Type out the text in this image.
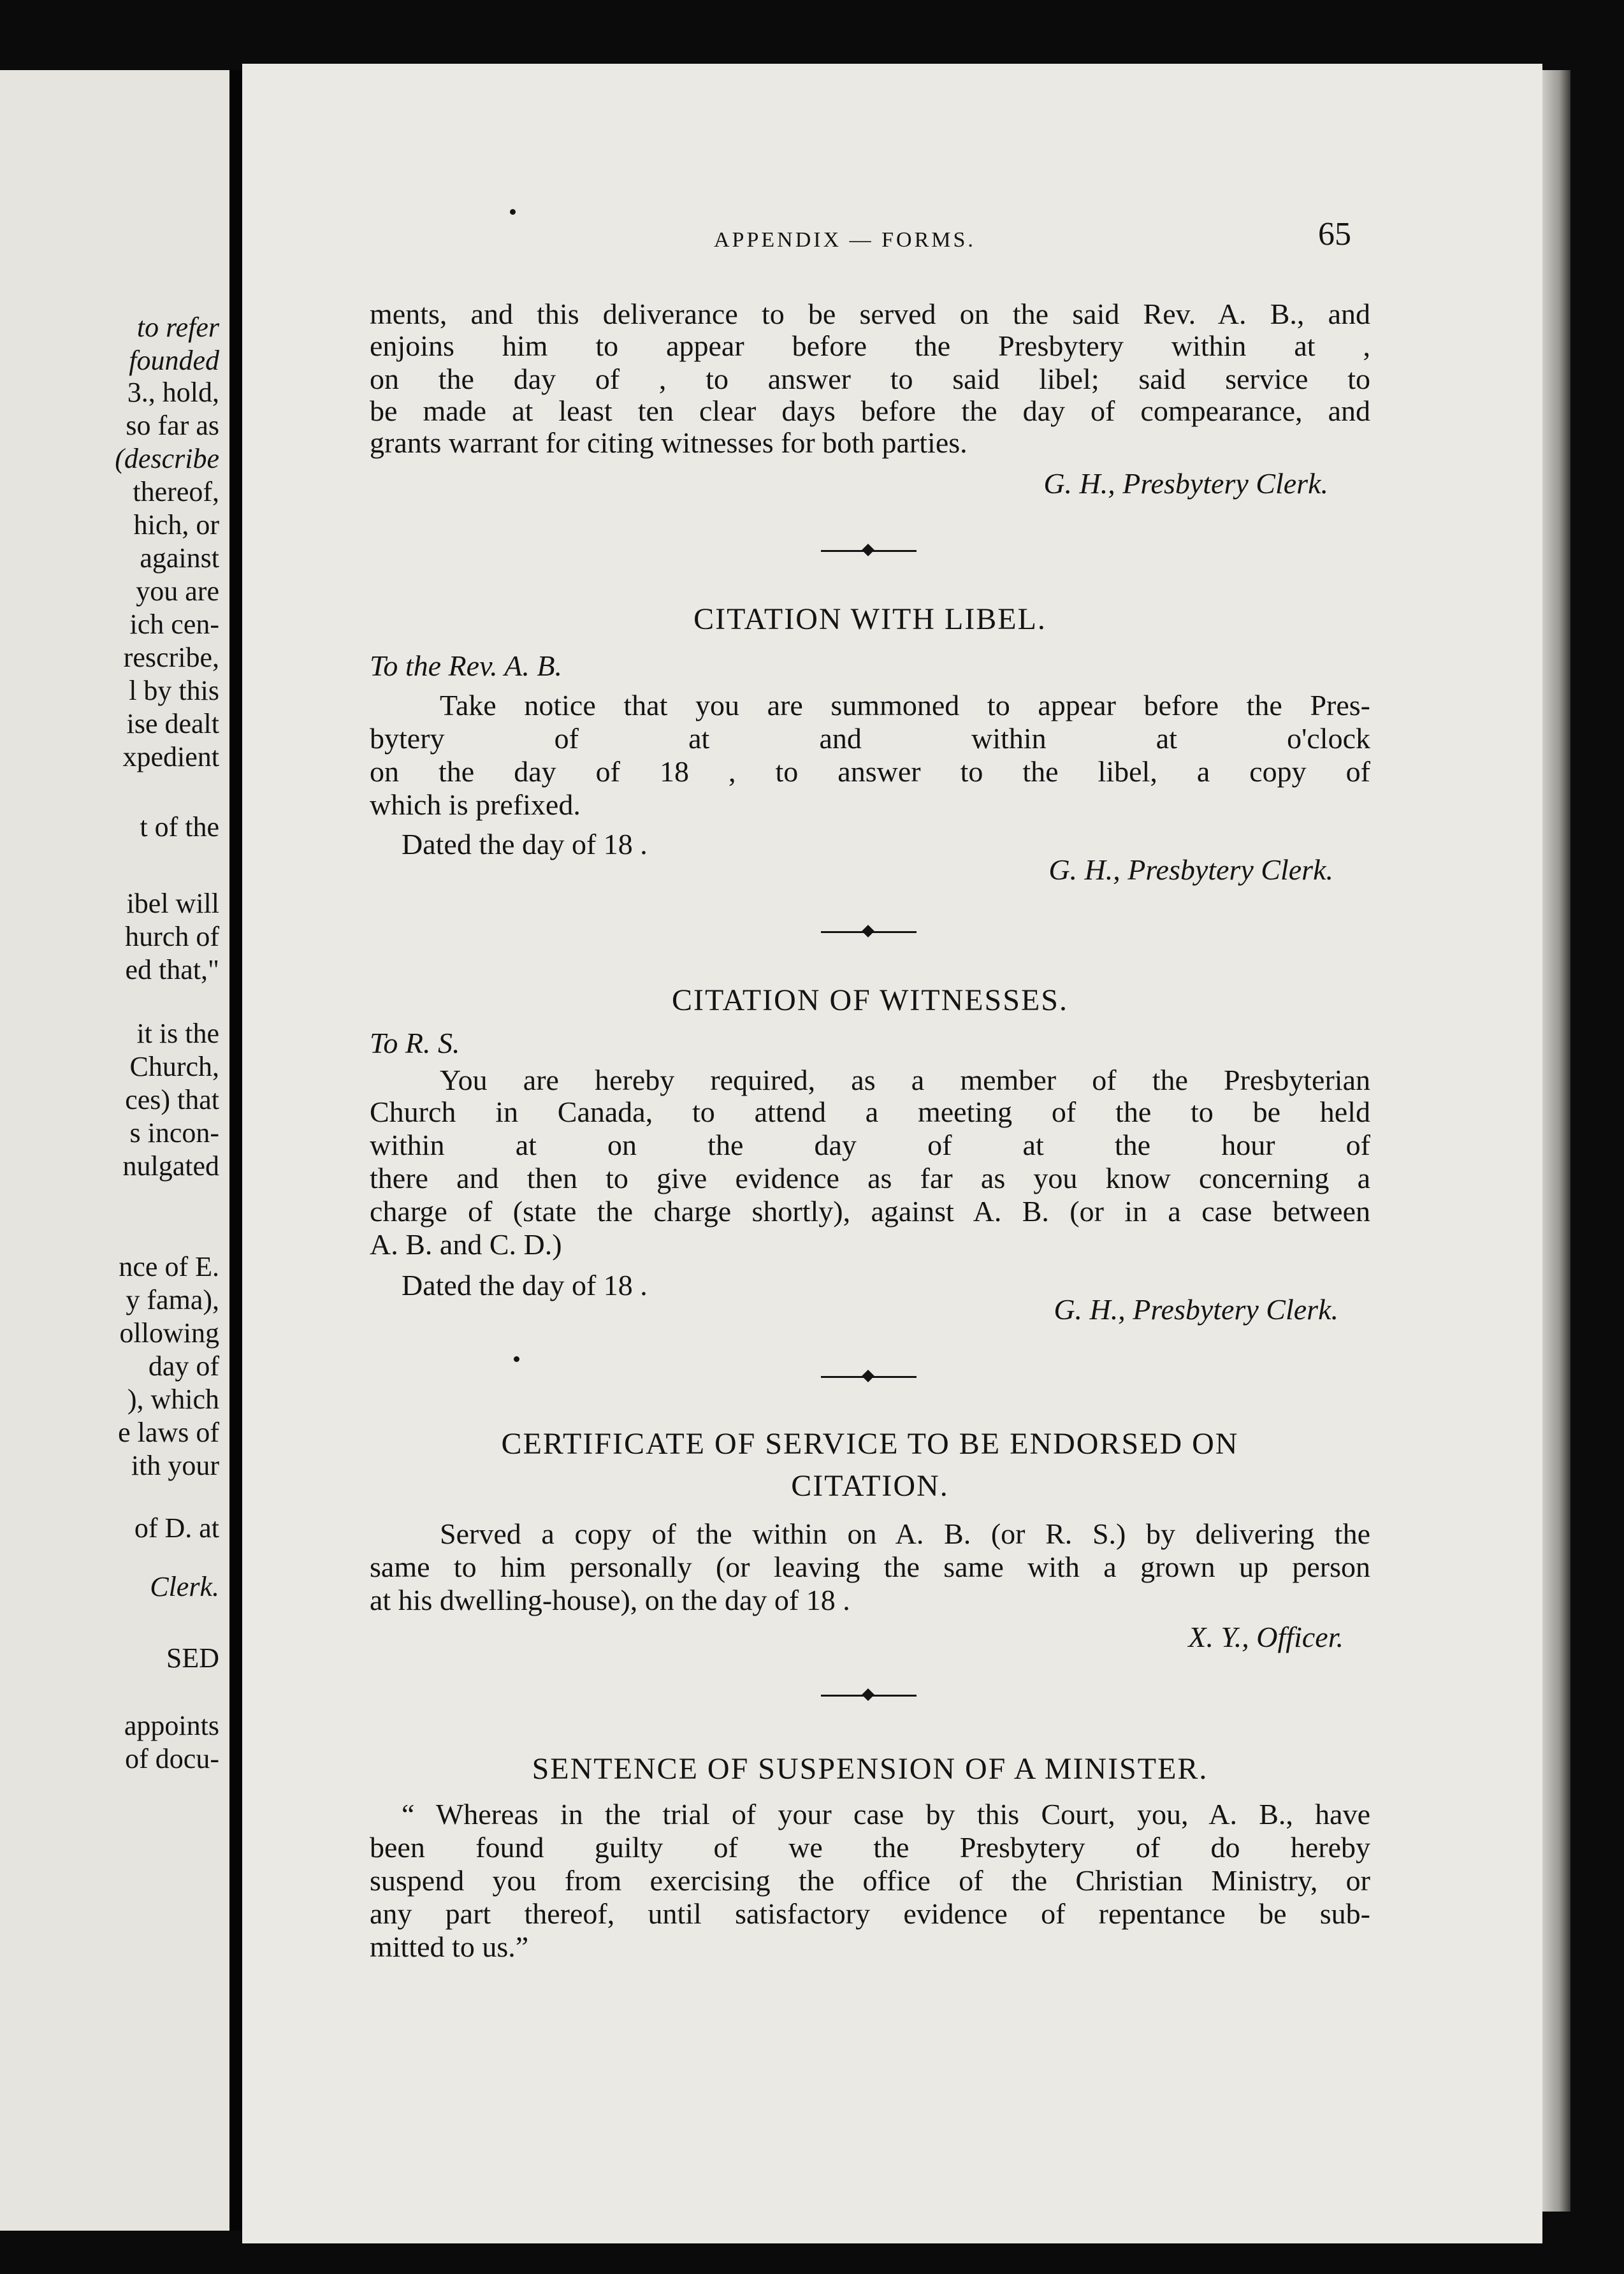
to refer
founded
3., hold,
so far as
(describe
thereof,
hich, or
against
you are
ich cen-
rescribe,
l by this
ise dealt
xpedient
t of the
ibel will
hurch of
ed that,"
it is the
Church,
ces) that
s incon-
nulgated
nce of E.
y fama),
ollowing
day of
), which
e laws of
ith your
of D. at
Clerk.
SED
appoints
of docu-
APPENDIX — FORMS.	65
ments, and this deliverance to be served on the said Rev. A. B., and
enjoins him to appear before the Presbytery within at ,
on the day of , to answer to said libel; said service to
be made at least ten clear days before the day of compearance, and
grants warrant for citing witnesses for both parties.
G. H., Presbytery Clerk.
CITATION WITH LIBEL.
To the Rev. A. B.
Take notice that you are summoned to appear before the Pres-
bytery of at and within at o'clock
on the day of 18 , to answer to the libel, a copy of
which is prefixed.
Dated the day of 18 .
G. H., Presbytery Clerk.
CITATION OF WITNESSES.
To R. S.
You are hereby required, as a member of the Presbyterian
Church in Canada, to attend a meeting of the to be held
within at on the day of at the hour of
there and then to give evidence as far as you know concerning a
charge of (state the charge shortly), against A. B. (or in a case between
A. B. and C. D.)
Dated the day of 18 .
G. H., Presbytery Clerk.
CERTIFICATE OF SERVICE TO BE ENDORSED ON
CITATION.
Served a copy of the within on A. B. (or R. S.) by delivering the
same to him personally (or leaving the same with a grown up person
at his dwelling-house), on the day of 18 .
X. Y., Officer.
SENTENCE OF SUSPENSION OF A MINISTER.
“ Whereas in the trial of your case by this Court, you, A. B., have
been found guilty of we the Presbytery of do hereby
suspend you from exercising the office of the Christian Ministry, or
any part thereof, until satisfactory evidence of repentance be sub-
mitted to us.”
